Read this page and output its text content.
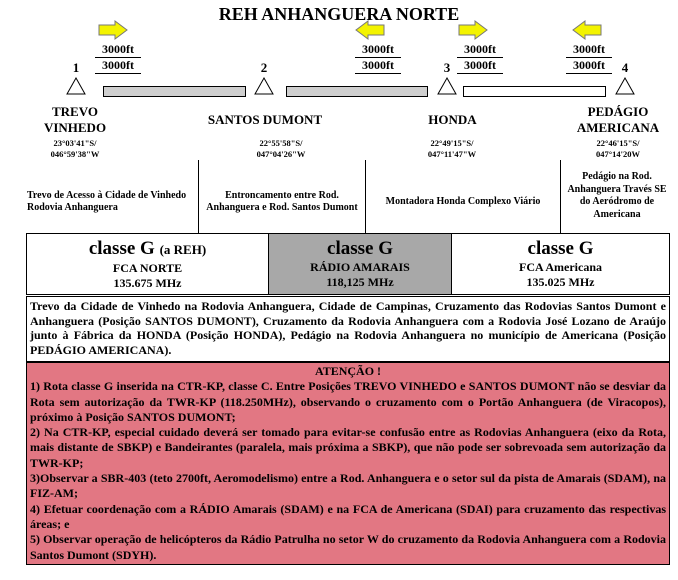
REH ANHANGUERA NORTE
3000ft
3000ft
3000ft
3000ft
3000ft
3000ft
3000ft
3000ft
1	2	3	4
TREVO
VINHEDO
SANTOS DUMONT	HONDA
PEDÁGIO
AMERICANA
23°03'41"S/
046°59'38"W
22°55'58"S/
047°04'26"W
22°49'15"S/
047°11'47"W
22°46'15"S/
047°14'20W
Trevo de Acesso à Cidade de Vinhedo Rodovia Anhanguera
Entroncamento entre Rod. Anhanguera e Rod. Santos Dumont
Montadora Honda Complexo Viário
Pedágio na Rod. Anhanguera Través SE do Aeródromo de Americana
classe G (a REH)
FCA NORTE
135.675 MHz
classe G
RÁDIO AMARAIS
118,125 MHz
classe G
FCA Americana
135.025 MHz
Trevo da Cidade de Vinhedo na Rodovia Anhanguera, Cidade de Campinas, Cruzamento das Rodovias Santos Dumont e Anhanguera (Posição SANTOS DUMONT), Cruzamento da Rodovia Anhanguera com a Rodovia José Lozano de Araújo junto à Fábrica da HONDA (Posição HONDA), Pedágio na Rodovia Anhanguera no município de Americana (Posição PEDÁGIO AMERICANA).
ATENÇÃO !

1) Rota classe G inserida na CTR-KP, classe C. Entre Posições TREVO VINHEDO e SANTOS DUMONT não se desviar da Rota sem autorização da TWR-KP (118.250MHz), observando o cruzamento com o Portão Anhanguera (de Viracopos), próximo à Posição SANTOS DUMONT;

2) Na CTR-KP, especial cuidado deverá ser tomado para evitar-se confusão entre as Rodovias Anhanguera (eixo da Rota, mais distante de SBKP) e Bandeirantes (paralela, mais próxima a SBKP), que não pode ser sobrevoada sem autorização da TWR-KP;

3)Observar a SBR-403 (teto 2700ft, Aeromodelismo) entre a Rod. Anhanguera e o setor sul da pista de Amarais (SDAM), na FIZ-AM;

4) Efetuar coordenação com a RÁDIO Amarais (SDAM) e na FCA de Americana (SDAI) para cruzamento das respectivas áreas; e

5) Observar operação de helicópteros da Rádio Patrulha no setor W do cruzamento da Rodovia Anhanguera com a Rodovia Santos Dumont (SDYH).
